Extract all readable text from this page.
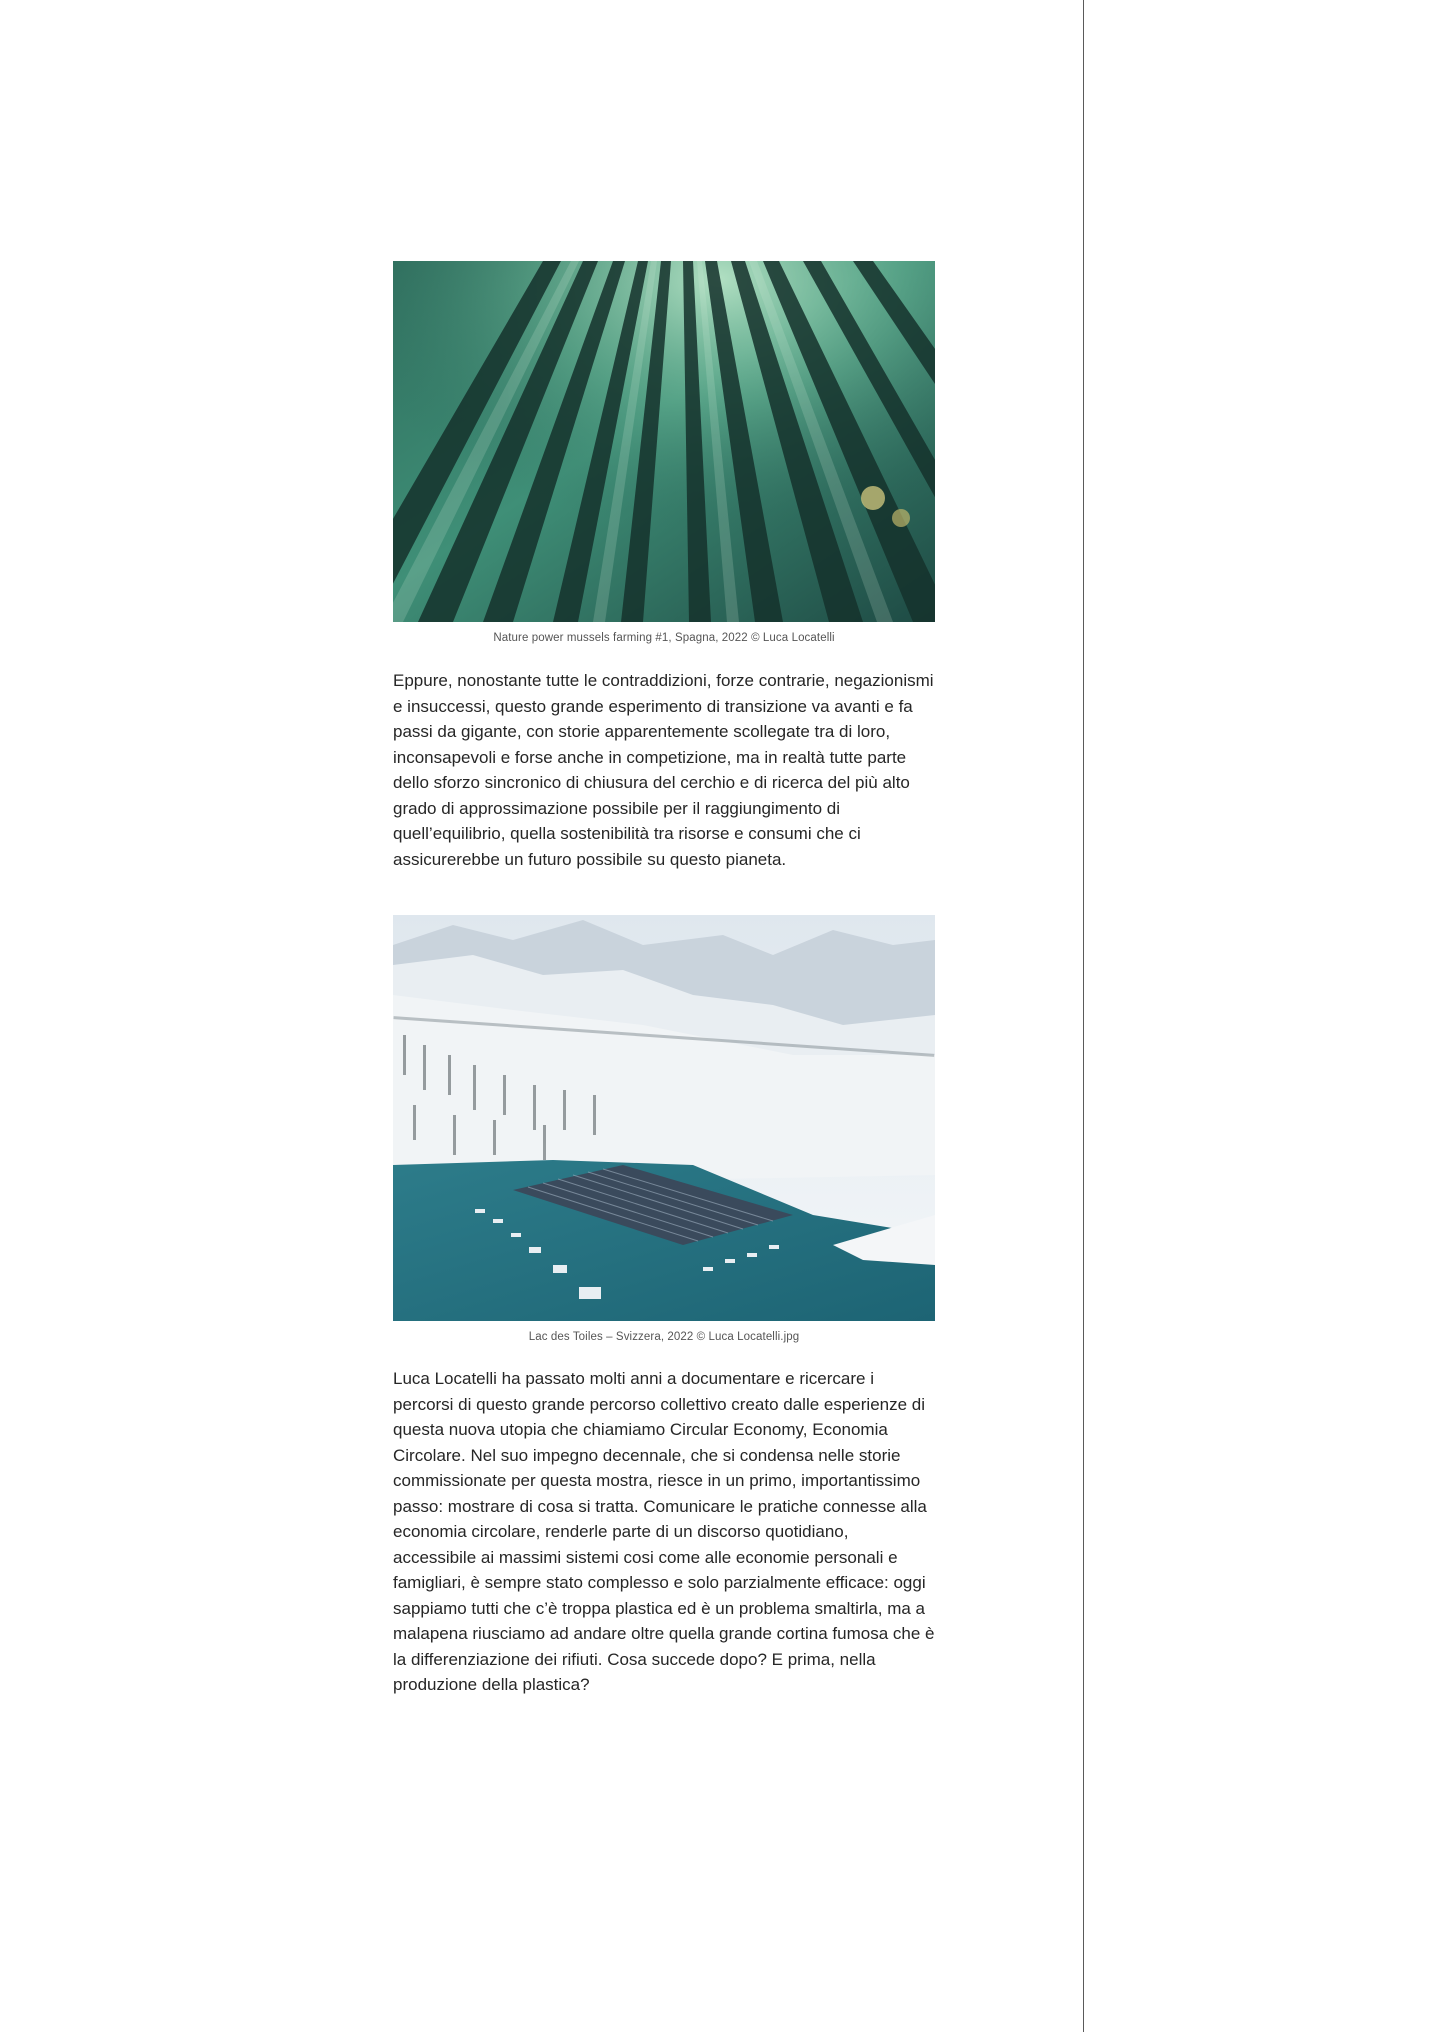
Nature power mussels farming #1, Spagna, 2022 © Luca Locatelli

Eppure, nonostante tutte le contraddizioni, forze contrarie, negazionismi e insuccessi, questo grande esperimento di transizione va avanti e fa passi da gigante, con storie apparentemente scollegate tra di loro, inconsapevoli e forse anche in competizione, ma in realtà tutte parte dello sforzo sincronico di chiusura del cerchio e di ricerca del più alto grado di approssimazione possibile per il raggiungimento di quell’equilibrio, quella sostenibilità tra risorse e consumi che ci assicurerebbe un futuro possibile su questo pianeta.

Lac des Toiles – Svizzera, 2022 © Luca Locatelli.jpg

Luca Locatelli ha passato molti anni a documentare e ricercare i percorsi di questo grande percorso collettivo creato dalle esperienze di questa nuova utopia che chiamiamo Circular Economy, Economia Circolare. Nel suo impegno decennale, che si condensa nelle storie commissionate per questa mostra, riesce in un primo, importantissimo passo: mostrare di cosa si tratta. Comunicare le pratiche connesse alla economia circolare, renderle parte di un discorso quotidiano, accessibile ai massimi sistemi cosi come alle economie personali e famigliari, è sempre stato complesso e solo parzialmente efficace: oggi sappiamo tutti che c’è troppa plastica ed è un problema smaltirla, ma a malapena riusciamo ad andare oltre quella grande cortina fumosa che è la differenziazione dei rifiuti. Cosa succede dopo? E prima, nella produzione della plastica?
